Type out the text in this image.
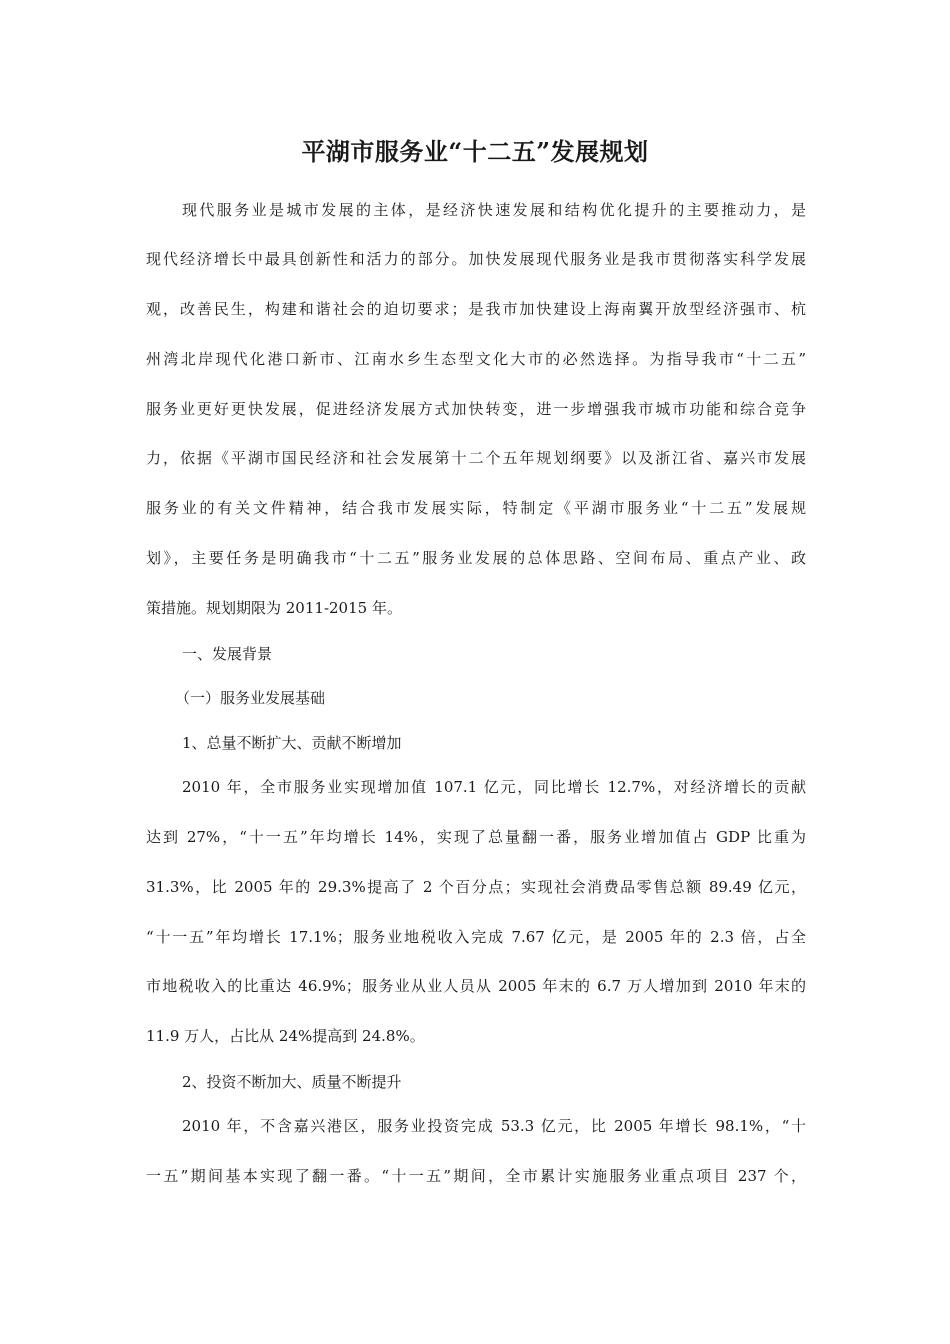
平湖市服务业“十二五”发展规划
现代服务业是城市发展的主体，是经济快速发展和结构优化提升的主要推动力，是
现代经济增长中最具创新性和活力的部分。加快发展现代服务业是我市贯彻落实科学发展
观，改善民生，构建和谐社会的迫切要求；是我市加快建设上海南翼开放型经济强市、杭
州湾北岸现代化港口新市、江南水乡生态型文化大市的必然选择。为指导我市“十二五”
服务业更好更快发展，促进经济发展方式加快转变，进一步增强我市城市功能和综合竞争
力，依据《平湖市国民经济和社会发展第十二个五年规划纲要》以及浙江省、嘉兴市发展
服务业的有关文件精神，结合我市发展实际，特制定《平湖市服务业“十二五”发展规
划》，主要任务是明确我市“十二五”服务业发展的总体思路、空间布局、重点产业、政
策措施。规划期限为 2011-2015 年。
一、发展背景
（一）服务业发展基础
1、总量不断扩大、贡献不断增加
2010 年，全市服务业实现增加值 107.1 亿元，同比增长 12.7%，对经济增长的贡献
达到 27%，“十一五”年均增长 14%，实现了总量翻一番，服务业增加值占 GDP 比重为
31.3%，比 2005 年的 29.3%提高了 2 个百分点；实现社会消费品零售总额 89.49 亿元，
“十一五”年均增长 17.1%；服务业地税收入完成 7.67 亿元，是 2005 年的 2.3 倍，占全
市地税收入的比重达 46.9%；服务业从业人员从 2005 年末的 6.7 万人增加到 2010 年末的
11.9 万人，占比从 24%提高到 24.8%。
2、投资不断加大、质量不断提升
2010 年，不含嘉兴港区，服务业投资完成 53.3 亿元，比 2005 年增长 98.1%，“十
一五”期间基本实现了翻一番。“十一五”期间，全市累计实施服务业重点项目 237 个，
